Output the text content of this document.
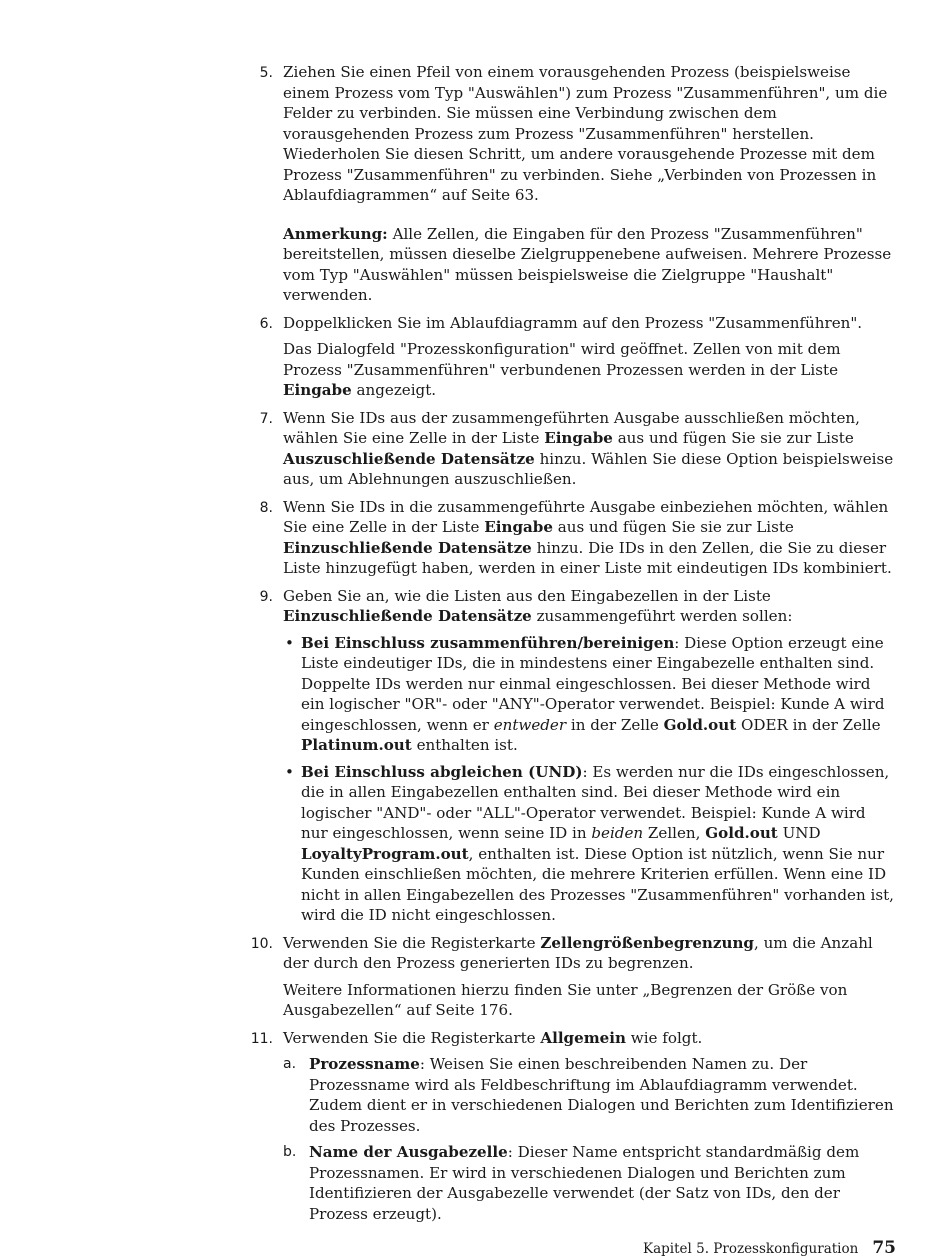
5. Ziehen Sie einen Pfeil von einem vorausgehenden Prozess (beispielsweise einem Prozess vom Typ "Auswählen") zum Prozess "Zusammenführen", um die Felder zu verbinden. Sie müssen eine Verbindung zwischen dem vorausgehenden Prozess zum Prozess "Zusammenführen" herstellen. Wiederholen Sie diesen Schritt, um andere vorausgehende Prozesse mit dem Prozess "Zusammenführen" zu verbinden. Siehe „Verbinden von Prozessen in Ablaufdiagrammen“ auf Seite 63.

Anmerkung: Alle Zellen, die Eingaben für den Prozess "Zusammenführen" bereitstellen, müssen dieselbe Zielgruppenebene aufweisen. Mehrere Prozesse vom Typ "Auswählen" müssen beispielsweise die Zielgruppe "Haushalt" verwenden.

6. Doppelklicken Sie im Ablaufdiagramm auf den Prozess "Zusammenführen".

Das Dialogfeld "Prozesskonfiguration" wird geöffnet. Zellen von mit dem Prozess "Zusammenführen" verbundenen Prozessen werden in der Liste Eingabe angezeigt.

7. Wenn Sie IDs aus der zusammengeführten Ausgabe ausschließen möchten, wählen Sie eine Zelle in der Liste Eingabe aus und fügen Sie sie zur Liste Auszuschließende Datensätze hinzu. Wählen Sie diese Option beispielsweise aus, um Ablehnungen auszuschließen.

8. Wenn Sie IDs in die zusammengeführte Ausgabe einbeziehen möchten, wählen Sie eine Zelle in der Liste Eingabe aus und fügen Sie sie zur Liste Einzuschließende Datensätze hinzu. Die IDs in den Zellen, die Sie zu dieser Liste hinzugefügt haben, werden in einer Liste mit eindeutigen IDs kombiniert.

9. Geben Sie an, wie die Listen aus den Eingabezellen in der Liste Einzuschließende Datensätze zusammengeführt werden sollen:

• Bei Einschluss zusammenführen/bereinigen: Diese Option erzeugt eine Liste eindeutiger IDs, die in mindestens einer Eingabezelle enthalten sind. Doppelte IDs werden nur einmal eingeschlossen. Bei dieser Methode wird ein logischer "OR"- oder "ANY"-Operator verwendet. Beispiel: Kunde A wird eingeschlossen, wenn er entweder in der Zelle Gold.out ODER in der Zelle Platinum.out enthalten ist.
• Bei Einschluss abgleichen (UND): Es werden nur die IDs eingeschlossen, die in allen Eingabezellen enthalten sind. Bei dieser Methode wird ein logischer "AND"- oder "ALL"-Operator verwendet. Beispiel: Kunde A wird nur eingeschlossen, wenn seine ID in beiden Zellen, Gold.out UND LoyaltyProgram.out, enthalten ist. Diese Option ist nützlich, wenn Sie nur Kunden einschließen möchten, die mehrere Kriterien erfüllen. Wenn eine ID nicht in allen Eingabezellen des Prozesses "Zusammenführen" vorhanden ist, wird die ID nicht eingeschlossen.
10. Verwenden Sie die Registerkarte Zellengrößenbegrenzung, um die Anzahl der durch den Prozess generierten IDs zu begrenzen.

Weitere Informationen hierzu finden Sie unter „Begrenzen der Größe von Ausgabezellen“ auf Seite 176.

11. Verwenden Sie die Registerkarte Allgemein wie folgt.

a. Prozessname: Weisen Sie einen beschreibenden Namen zu. Der Prozessname wird als Feldbeschriftung im Ablaufdiagramm verwendet. Zudem dient er in verschiedenen Dialogen und Berichten zum Identifizieren des Prozesses.
b. Name der Ausgabezelle: Dieser Name entspricht standardmäßig dem Prozessnamen. Er wird in verschiedenen Dialogen und Berichten zum Identifizieren der Ausgabezelle verwendet (der Satz von IDs, den der Prozess erzeugt).
Kapitel 5. Prozesskonfiguration 75
